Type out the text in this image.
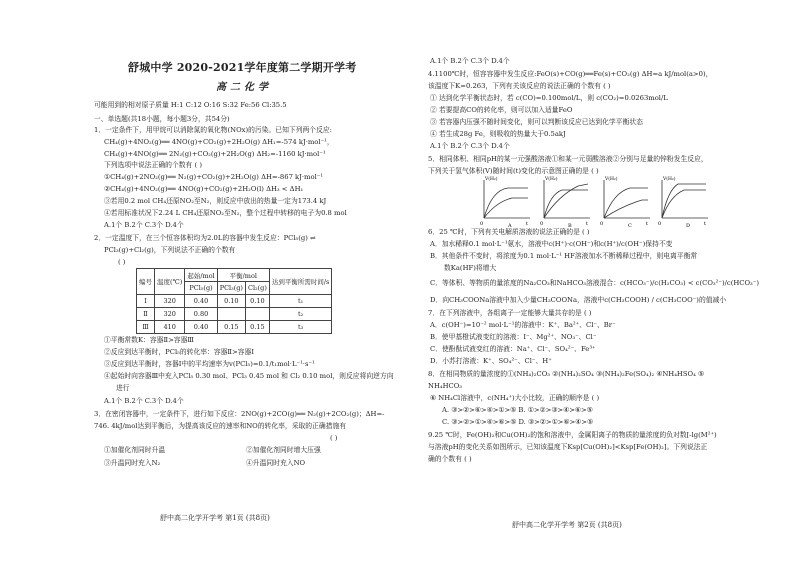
舒城中学 2020-2021学年度第二学期开学考
高二化学
可能用到的相对原子质量 H:1 C:12 O:16 S:32 Fe:56 Cl:35.5
一、单选题(共18小题，每小题3分，共54分)
1．一定条件下，用甲烷可以消除氮的氧化物(NOx)的污染。已知下列两个反应:
CH₄(g)+4NO₂(g)══ 4NO(g)+CO₂(g)+2H₂O(g) ΔH₁=-574 kJ·mol⁻¹，
CH₄(g)+4NO(g)══ 2N₂(g)+CO₂(g)+2H₂O(g) ΔH₂=-1160 kJ·mol⁻¹
下列选项中说法正确的个数有 ( )
①CH₄(g)+2NO₂(g)══ N₂(g)+CO₂(g)+2H₂O(g) ΔH=-867 kJ·mol⁻¹
②CH₄(g)+4NO₂(g)══ 4NO(g)+CO₂(g)+2H₂O(l) ΔH₃ < ΔH₁
③若用0.2 mol CH₄还原NO₂至N₂，则反应中放出的热量一定为173.4 kJ
④若用标准状况下2.24 L CH₄还原NO₂至N₂，整个过程中转移的电子为0.8 mol
A.1个 B.2个 C.3个 D.4个
2．一定温度下，在三个恒容体积均为2.0L的容器中发生反应：PCl₅(g) ⇌
PCl₃(g)+Cl₂(g)，下列说法不正确的个数有
( )
编号	温度(℃)	起始/mol	平衡/mol		达到平衡所需时间/s
		PCl₅(g)	PCl₃(g)	Cl₂(g)	
Ⅰ	320	0.40	0.10	0.10	t₁
Ⅱ	320	0.80			t₂
Ⅲ	410	0.40	0.15	0.15	t₃
①平衡常数K：容器Ⅱ>容器Ⅲ
②反应到达平衡时，PCl₅的转化率：容器Ⅱ>容器Ⅰ
③反应到达平衡时，容器Ⅰ中的平均速率为v(PCl₅)=0.1/t₁mol·L⁻¹·s⁻¹
④起始时向容器Ⅲ中充入PCl₅ 0.30 mol、PCl₃ 0.45 mol 和 Cl₂ 0.10 mol，则反应将向逆方向
进行
A.1个 B.2个 C.3个 D.4个
3．在密闭容器中，一定条件下，进行如下反应：2NO(g)+2CO(g)══ N₂(g)+2CO₂(g)；ΔH=-
746. 4kJ/mol达到平衡后，为提高该反应的速率和NO的转化率，采取的正确措施有
( )
①加催化剂同时升温	②加催化剂同时增大压强
③升温同时充入N₂	④升温同时充入NO
舒中高二化学开学考 第1页 (共8页)
A.1个 B.2个 C.3个 D.4个
4.1100℃时，恒容容器中发生反应:FeO(s)+CO(g)══Fe(s)+CO₂(g) ΔH=a kJ/mol(a>0)，
该温度下K=0.263，下列有关该反应的说法正确的个数有 ( )
① 达到化学平衡状态时，若 c(CO)=0.100mol/L，则 c(CO₂)=0.0263mol/L
② 若要提高CO的转化率，则可以加入适量FeO
③ 若容器内压强不随时间变化，则可以判断该反应已达到化学平衡状态
④ 若生成28g Fe，则吸收的热量大于0.5akJ
A.1个 B.2个 C.3个 D.4个
5．相同体积、相同pH的某一元强酸溶液①和某一元弱酸溶液②分别与足量的锌粉发生反应，
下列关于氢气体积(V)随时间(t)变化的示意图正确的是 ( )
6．25 ℃时，下列有关电解质溶液的说法正确的是 ( )
A．加水稀释0.1 mol·L⁻¹氨水，溶液中c(H⁺)·c(OH⁻)和c(H⁺)/c(OH⁻)保持不变
B．其他条件不变时，将浓度为0.1 mol·L⁻¹ HF溶液加水不断稀释过程中，则电离平衡常
数Ka(HF)将增大
C．等体积、等物质的量浓度的Na₂CO₃和NaHCO₃溶液混合：c(HCO₃⁻)/c(H₂CO₃) < c(CO₃²⁻)/c(HCO₃⁻)
D．向CH₃COONa溶液中加入少量CH₃COONa，溶液中c(CH₃COOH) / c(CH₃COO⁻)的值减小
7．在下列溶液中，各组离子一定能够大量共存的是 ( )
A．c(OH⁻)=10⁻² mol·L⁻¹的溶液中：K⁺、Ba²⁺、Cl⁻、Br⁻
B．使甲基橙试液变红的溶液：I⁻、Mg²⁺、NO₃⁻、Cl⁻
C．使酚酞试液变红的溶液：Na⁺、Cl⁻、SO₄²⁻、Fe³⁺
D．小苏打溶液：K⁺、SO₄²⁻、Cl⁻、H⁺
8．在相同物质的量浓度的①(NH₄)₂CO₃ ②(NH₄)₂SO₄ ③(NH₄)₂Fe(SO₄)₂ ④NH₄HSO₄ ⑤
NH₄HCO₃
⑥ NH₄Cl溶液中，c(NH₄⁺)大小比较，正确的顺序是 ( )
A. ③>②>⑥>④>①>⑤ B. ①>②>③>④>⑥>⑤
C. ③>②>①>④>⑥>⑤ D. ③>②>①>⑥>④>⑤
9.25 ℃时，Fe(OH)₂和Cu(OH)₂的饱和溶液中，金属阳离子的物质的量浓度的负对数[-lg(M²⁺)
与溶液pH的变化关系如图所示，已知该温度下Ksp[Cu(OH)₂]<Ksp[Fe(OH)₂]。下列说法正
确的个数有 ( )
舒中高二化学开学考 第2页 (共8页)
V(H₂)
0	t
V(H₂)
0	t
V(H₂)
0	t
V(H₂)
0	t
A	B	C	D
